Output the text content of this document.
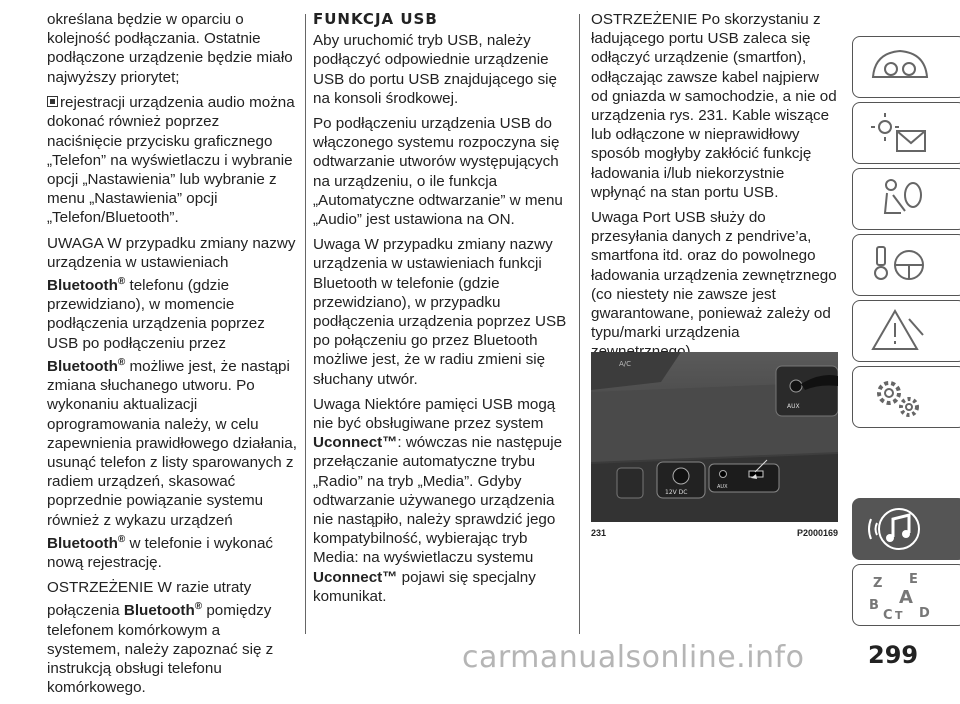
określana będzie w oparciu o kolejność podłączania. Ostatnie podłączone urządzenie będzie miało najwyższy priorytet;

rejestracji urządzenia audio można dokonać również poprzez naciśnięcie przycisku graficznego „Telefon” na wyświetlaczu i wybranie opcji „Nastawienia” lub wybranie z menu „Nastawienia” opcji „Telefon/Bluetooth”.

UWAGA W przypadku zmiany nazwy urządzenia w ustawieniach Bluetooth® telefonu (gdzie przewidziano), w momencie podłączenia urządzenia poprzez USB po podłączeniu przez Bluetooth® możliwe jest, że nastąpi zmiana słuchanego utworu. Po wykonaniu aktualizacji oprogramowania należy, w celu zapewnienia prawidłowego działania, usunąć telefon z listy sparowanych z radiem urządzeń, skasować poprzednie powiązanie systemu również z wykazu urządzeń Bluetooth® w telefonie i wykonać nową rejestrację.

OSTRZEŻENIE W razie utraty połączenia Bluetooth® pomiędzy telefonem komórkowym a systemem, należy zapoznać się z instrukcją obsługi telefonu komórkowego.

FUNKCJA USB

Aby uruchomić tryb USB, należy podłączyć odpowiednie urządzenie USB do portu USB znajdującego się na konsoli środkowej.

Po podłączeniu urządzenia USB do włączonego systemu rozpoczyna się odtwarzanie utworów występujących na urządzeniu, o ile funkcja „Automatyczne odtwarzanie” w menu „Audio” jest ustawiona na ON.

Uwaga W przypadku zmiany nazwy urządzenia w ustawieniach funkcji Bluetooth w telefonie (gdzie przewidziano), w przypadku podłączenia urządzenia poprzez USB po połączeniu go przez Bluetooth możliwe jest, że w radiu zmieni się słuchany utwór.

Uwaga Niektóre pamięci USB mogą nie być obsługiwane przez system Uconnect™: wówczas nie następuje przełączanie automatyczne trybu „Radio” na tryb „Media”. Gdyby odtwarzanie używanego urządzenia nie nastąpiło, należy sprawdzić jego kompatybilność, wybierając tryb Media: na wyświetlaczu systemu Uconnect™ pojawi się specjalny komunikat.

OSTRZEŻENIE Po skorzystaniu z ładującego portu USB zaleca się odłączyć urządzenie (smartfon), odłączając zawsze kabel najpierw od gniazda w samochodzie, a nie od urządzenia rys. 231. Kable wiszące lub odłączone w nieprawidłowy sposób mogłyby zakłócić funkcję ładowania i/lub niekorzystnie wpłynąć na stan portu USB.

Uwaga Port USB służy do przesyłania danych z pendrive’a, smartfona itd. oraz do powolnego ładowania urządzenia zewnętrznego (co niestety nie zawsze jest gwarantowane, ponieważ zależy od typu/marki urządzenia

A/C
AUX
12V DC
AUX
231	P2000169
Z E
A
B
C T D
299
carmanualsonline.info
